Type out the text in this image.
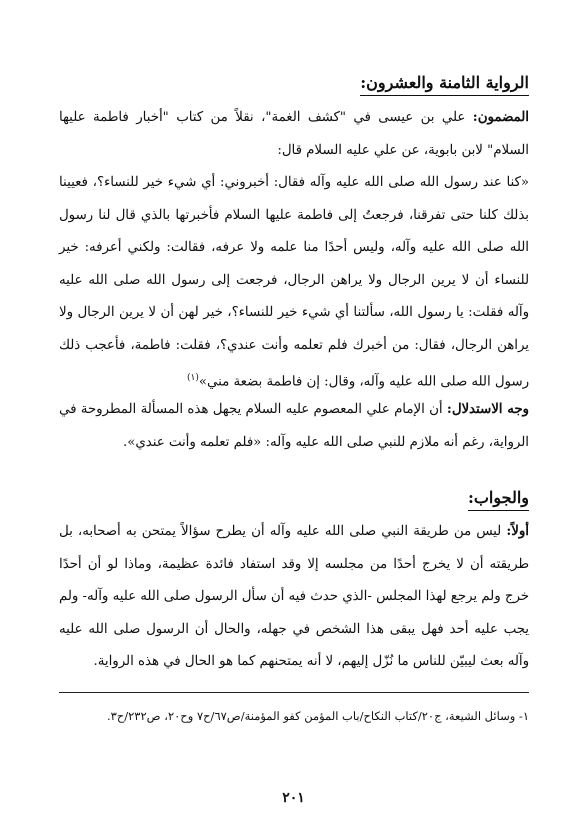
الرواية الثامنة والعشرون:
المضمون: علي بن عيسى في "كشف الغمة"، نقلاً من كتاب "أخبار فاطمة عليها السلام" لابن بابوية، عن علي عليه السلام قال:
«كنا عند رسول الله صلى الله عليه وآله فقال: أخبروني: أي شيء خير للنساء؟، فعيينا بذلك كلنا حتى تفرقنا، فرجعتُ إلى فاطمة عليها السلام فأخبرتها بالذي قال لنا رسول الله صلى الله عليه وآله، وليس أحدًا منا علمه ولا عرفه، فقالت: ولكني أعرفه: خير للنساء أن لا يرين الرجال ولا يراهن الرجال، فرجعت إلى رسول الله صلى الله عليه وآله فقلت: يا رسول الله، سألتنا أي شيء خير للنساء؟، خير لهن أن لا يرين الرجال ولا يراهن الرجال، فقال: من أخبرك فلم تعلمه وأنت عندي؟، فقلت: فاطمة، فأعجب ذلك رسول الله صلى الله عليه وآله، وقال: إن فاطمة بضعة مني»$^{(١)}$
وجه الاستدلال: أن الإمام علي المعصوم عليه السلام يجهل هذه المسألة المطروحة في الرواية، رغم أنه ملازم للنبي صلى الله عليه وآله: «فلم تعلمه وأنت عندي».
والجواب:
أولاً: ليس من طريقة النبي صلى الله عليه وآله أن يطرح سؤالاً يمتحن به أصحابه، بل طريقته أن لا يخرج أحدًا من مجلسه إلا وقد استفاد فائدة عظيمة، وماذا لو أن أحدًا خرج ولم يرجع لهذا المجلس -الذي حدث فيه أن سأل الرسول صلى الله عليه وآله- ولم يجب عليه أحد فهل يبقى هذا الشخص في جهله، والحال أن الرسول صلى الله عليه وآله بعث ليبيّن للناس ما نُزّل إليهم، لا أنه يمتحنهم كما هو الحال في هذه الرواية.
١- وسائل الشيعة، ج٢٠/كتاب النكاح/باب المؤمن كفو المؤمنة/ص٦٧/ح٧ وح٢٠، ص٢٣٢/ح٣.
٢٠١
